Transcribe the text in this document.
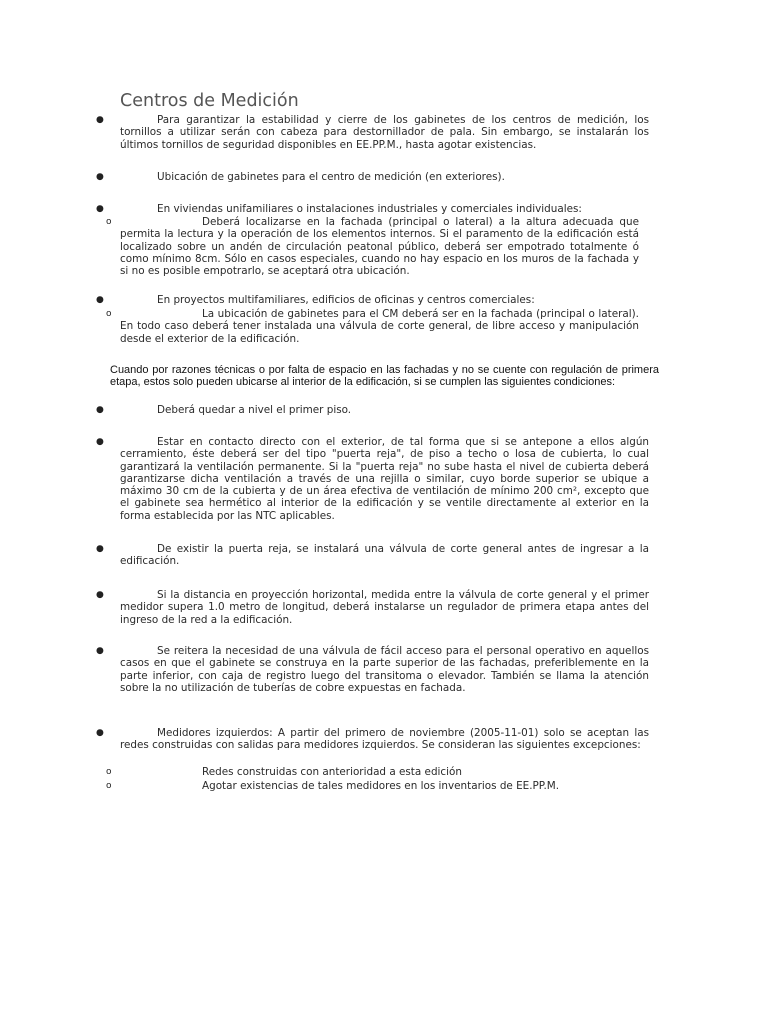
Centros de Medición
●	Para garantizar la estabilidad y cierre de los gabinetes de los centros de medición, los tornillos a utilizar serán con cabeza para destornillador de pala. Sin embargo, se instalarán los últimos tornillos de seguridad disponibles en EE.PP.M., hasta agotar existencias.
●	Ubicación de gabinetes para el centro de medición (en exteriores).
●	En viviendas unifamiliares o instalaciones industriales y comerciales individuales:
o	Deberá localizarse en la fachada (principal o lateral) a la altura adecuada que permita la lectura y la operación de los elementos internos. Si el paramento de la edificación está localizado sobre un andén de circulación peatonal público, deberá ser empotrado totalmente ó como mínimo 8cm. Sólo en casos especiales, cuando no hay espacio en los muros de la fachada y si no es posible empotrarlo, se aceptará otra ubicación.
●	En proyectos multifamiliares, edificios de oficinas y centros comerciales:
o	La ubicación de gabinetes para el CM deberá ser en la fachada (principal o lateral). En todo caso deberá tener instalada una válvula de corte general, de libre acceso y manipulación desde el exterior de la edificación.
Cuando por razones técnicas o por falta de espacio en las fachadas y no se cuente con regulación de primera etapa, estos solo pueden ubicarse al interior de la edificación, si se cumplen las siguientes condiciones:
●	Deberá quedar a nivel el primer piso.
●	Estar en contacto directo con el exterior, de tal forma que si se antepone a ellos algún cerramiento, éste deberá ser del tipo "puerta reja", de piso a techo o losa de cubierta, lo cual garantizará la ventilación permanente. Si la "puerta reja" no sube hasta el nivel de cubierta deberá garantizarse dicha ventilación a través de una rejilla o similar, cuyo borde superior se ubique a máximo 30 cm de la cubierta y de un área efectiva de ventilación de mínimo 200 cm², excepto que el gabinete sea hermético al interior de la edificación y se ventile directamente al exterior en la forma establecida por las NTC aplicables.
●	De existir la puerta reja, se instalará una válvula de corte general antes de ingresar a la edificación.
●	Si la distancia en proyección horizontal, medida entre la válvula de corte general y el primer medidor supera 1.0 metro de longitud, deberá instalarse un regulador de primera etapa antes del ingreso de la red a la edificación.
●	Se reitera la necesidad de una válvula de fácil acceso para el personal operativo en aquellos casos en que el gabinete se construya en la parte superior de las fachadas, preferiblemente en la parte inferior, con caja de registro luego del transitoma o elevador. También se llama la atención sobre la no utilización de tuberías de cobre expuestas en fachada.
●	Medidores izquierdos: A partir del primero de noviembre (2005-11-01) solo se aceptan las redes construidas con salidas para medidores izquierdos. Se consideran las siguientes excepciones:
o	Redes construidas con anterioridad a esta edición
o	Agotar existencias de tales medidores en los inventarios de EE.PP.M.
